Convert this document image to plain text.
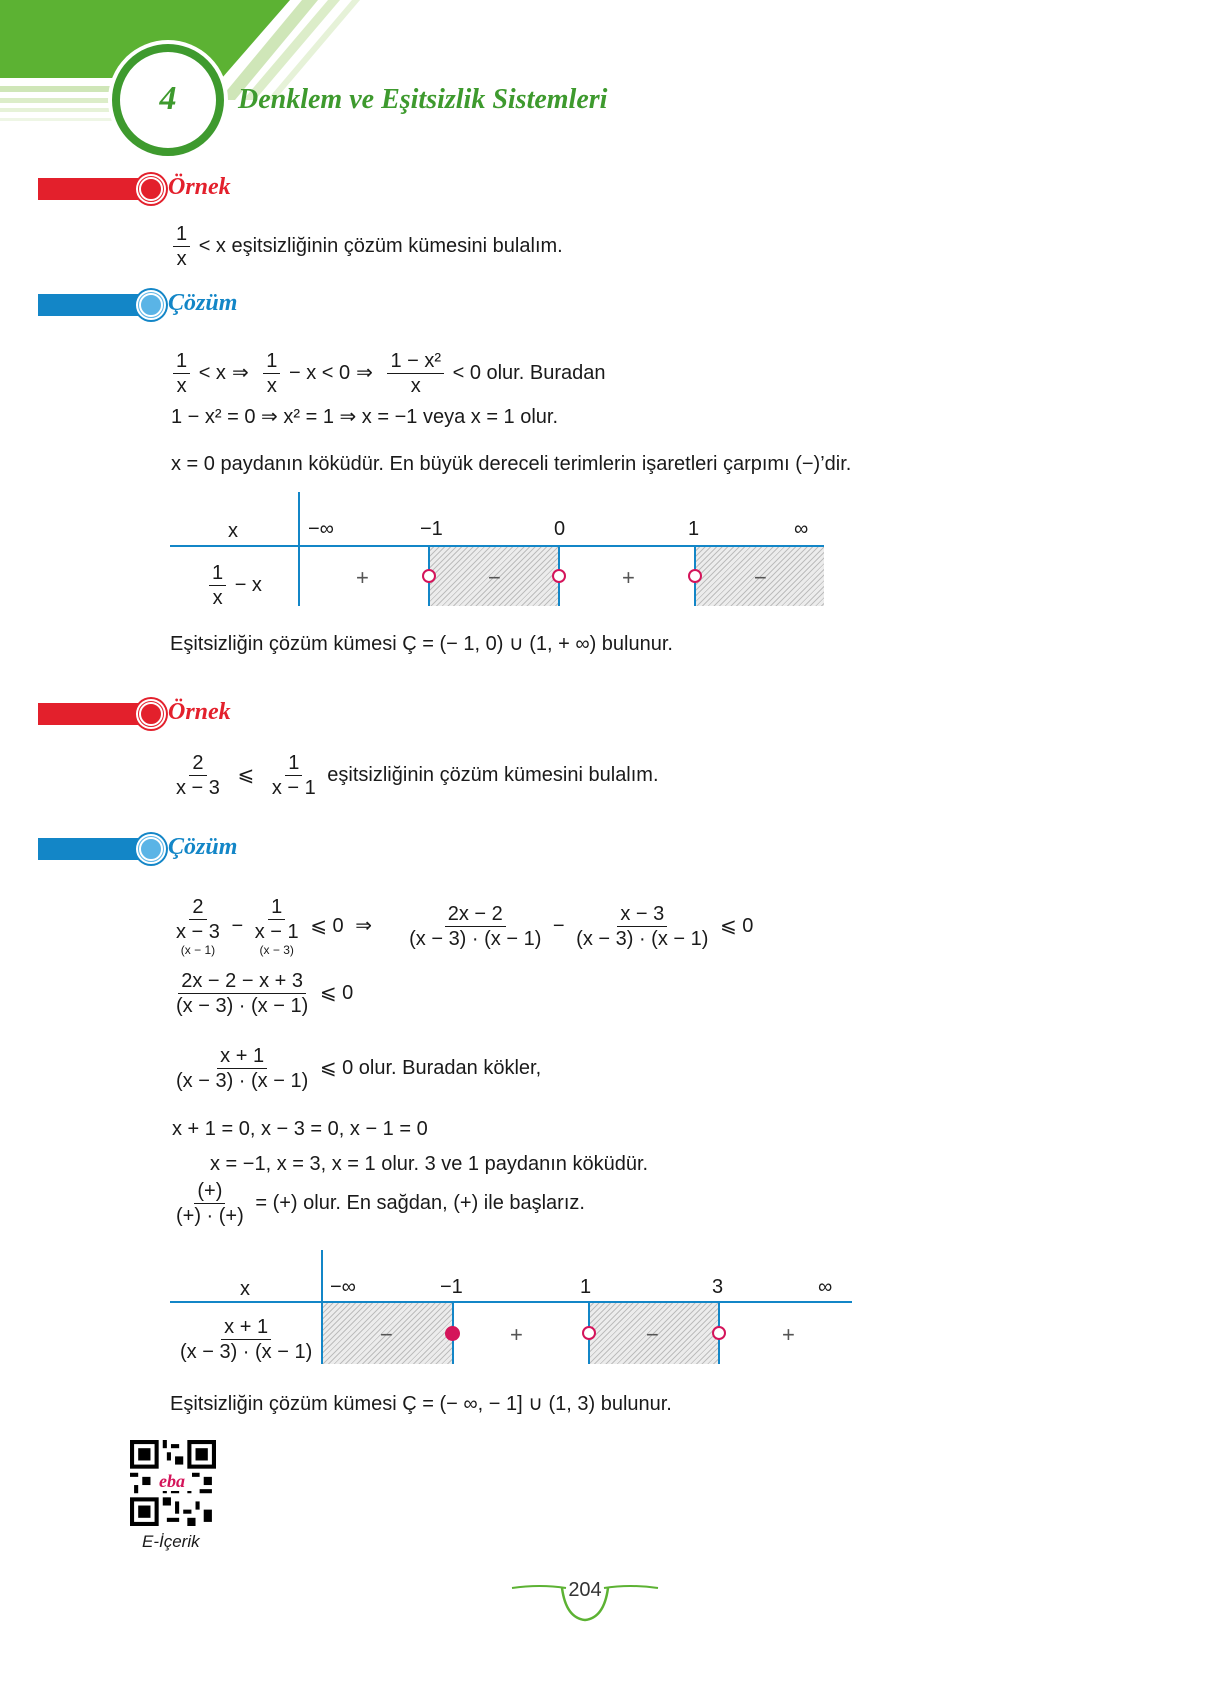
4	Denklem ve Eşitsizlik Sistemleri
Örnek
$\frac{1}{x} < x$ eşitsizliğinin çözüm kümesini bulalım.
Çözüm
$\frac{1}{x} < x$ ⇒ $\frac{1}{x} - x < 0$ ⇒ $\frac{\text{1 − x²}}{x} < 0$ olur. Buradan
1 − x² = 0 ⇒ x² = 1 ⇒ x = −1 veya x = 1 olur.
x = 0 paydanın köküdür. En büyük dereceli terimlerin işaretleri çarpımı (−)’dir.
x	−∞	−1	0	1	∞
$\frac{1}{x} - x$	+	−	+	−
Eşitsizliğin çözüm kümesi Ç = (− 1, 0) ∪ (1, + ∞) bulunur.
Örnek
$\frac{2}{x - 3}$ ⩽ $\frac{1}{x - 1}$ eşitsizliğinin çözüm kümesini bulalım.
Çözüm
2
x − 3
(x − 1)
−
1
x − 1
(x − 3)
⩽ 0 ⇒ $\frac{2x - 2}{(x - 3) \cdot (x - 1)} - \frac{x - 3}{(x - 3) \cdot (x - 1)}$ ⩽ 0
$\frac{2x - 2 - x + 3}{(x - 3) \cdot (x - 1)}$ ⩽ 0
$\frac{x + 1}{(x - 3) \cdot (x - 1)}$ ⩽ 0 olur. Buradan kökler,
x + 1 = 0, x − 3 = 0, x − 1 = 0
x = −1, x = 3, x = 1 olur. 3 ve 1 paydanın köküdür.
$\frac{(+)}{(+) \cdot (+)}$ = (+) olur. En sağdan, (+) ile başlarız.
x	−∞	−1	1	3	∞
$\frac{x + 1}{(x - 3) \cdot (x - 1)}$	−	+	−	+
Eşitsizliğin çözüm kümesi Ç = (− ∞, − 1] ∪ (1, 3) bulunur.
eba
E-İçerik
204
